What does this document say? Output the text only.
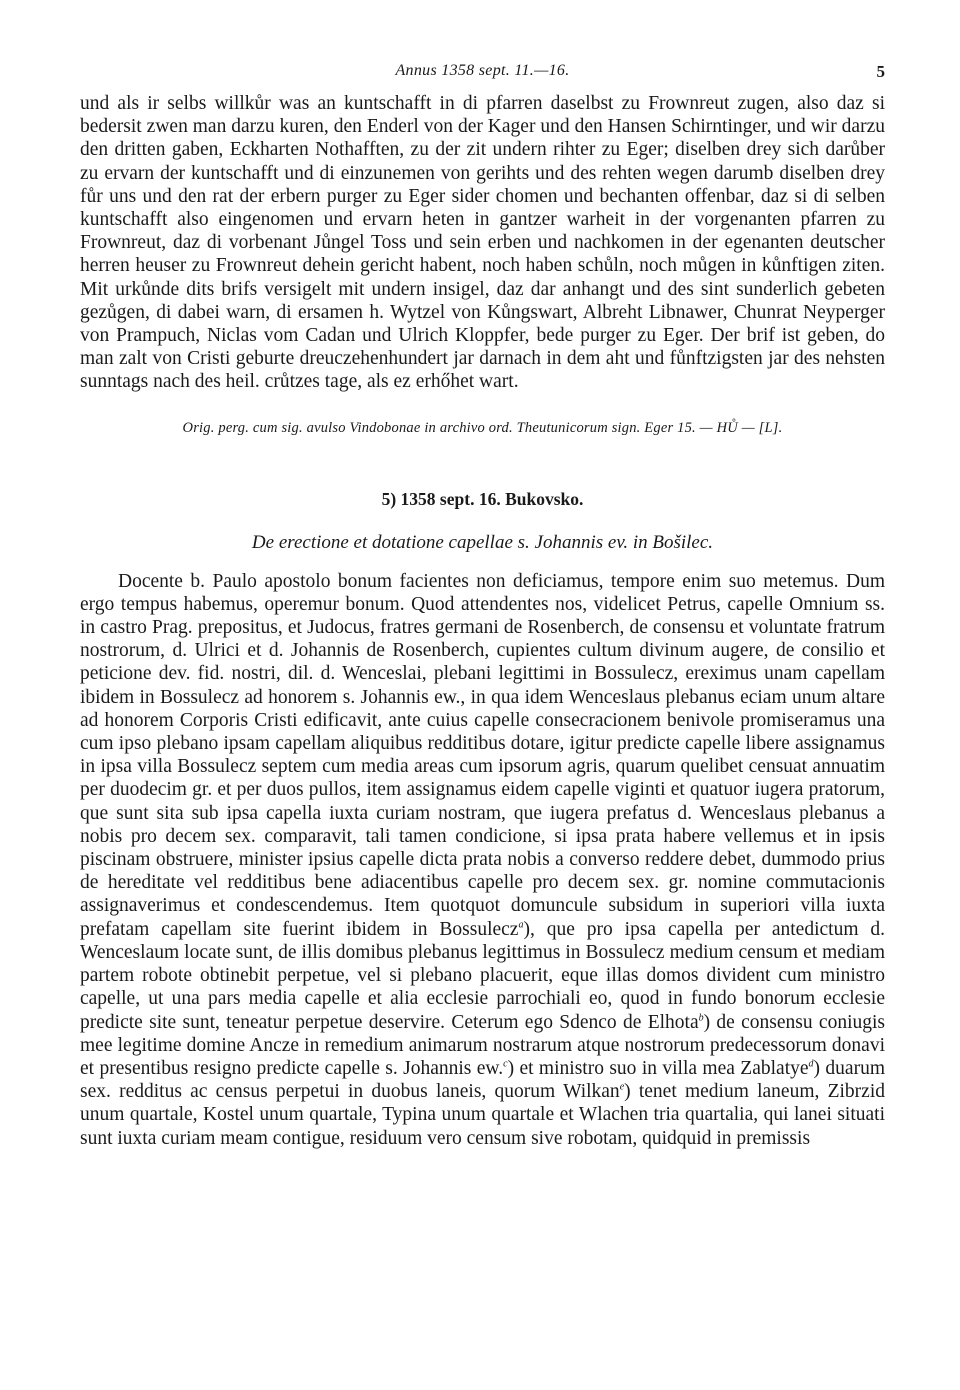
Annus 1358 sept. 11.—16.	5

und als ir selbs willkůr was an kuntschafft in di pfarren daselbst zu Frownreut zugen, also daz si bedersit zwen man darzu kuren, den Enderl von der Kager und den Hansen Schirntinger, und wir darzu den dritten gaben, Eckharten Nothafften, zu der zit undern rihter zu Eger; diselben drey sich darůber zu ervarn der kuntschafft und di einzunemen von gerihts und des rehten wegen darumb diselben drey fůr uns und den rat der erbern purger zu Eger sider chomen und bechanten offenbar, daz si di selben kuntschafft also eingenomen und ervarn heten in gantzer warheit in der vorgenanten pfarren zu Frownreut, daz di vorbenant Jůngel Toss und sein erben und nachkomen in der egenanten deutscher herren heuser zu Frownreut dehein gericht habent, noch haben schůln, noch můgen in kůnftigen ziten. Mit urkůnde dits brifs versigelt mit undern insigel, daz dar anhangt und des sint sunderlich gebeten gezůgen, di dabei warn, di ersamen h. Wytzel von Kůngswart, Albreht Libnawer, Chunrat Neyperger von Prampuch, Niclas vom Cadan und Ulrich Kloppfer, bede purger zu Eger. Der brif ist geben, do man zalt von Cristi geburte dreuczehenhundert jar darnach in dem aht und fůnftzigsten jar des nehsten sunntags nach des heil. crůtzes tage, als ez erhőhet wart.

Orig. perg. cum sig. avulso Vindobonae in archivo ord. Theutunicorum sign. Eger 15. — HŮ — [L].

5) 1358 sept. 16. Bukovsko.

De erectione et dotatione capellae s. Johannis ev. in Bošilec.

Docente b. Paulo apostolo bonum facientes non deficiamus, tempore enim suo metemus. Dum ergo tempus habemus, operemur bonum. Quod attendentes nos, videlicet Petrus, capelle Omnium ss. in castro Prag. prepositus, et Judocus, fratres germani de Rosenberch, de consensu et voluntate fratrum nostrorum, d. Ulrici et d. Johannis de Rosenberch, cupientes cultum divinum augere, de consilio et peticione dev. fid. nostri, dil. d. Wenceslai, plebani legittimi in Bossulecz, ereximus unam capellam ibidem in Bossulecz ad honorem s. Johannis ew., in qua idem Wenceslaus plebanus eciam unum altare ad honorem Corporis Cristi edificavit, ante cuius capelle consecracionem benivole promiseramus una cum ipso plebano ipsam capellam aliquibus redditibus dotare, igitur predicte capelle libere assignamus in ipsa villa Bossulecz septem cum media areas cum ipsorum agris, quarum quelibet censuat annuatim per duodecim gr. et per duos pullos, item assignamus eidem capelle viginti et quatuor iugera pratorum, que sunt sita sub ipsa capella iuxta curiam nostram, que iugera prefatus d. Wenceslaus plebanus a nobis pro decem sex. comparavit, tali tamen condicione, si ipsa prata habere vellemus et in ipsis piscinam obstruere, minister ipsius capelle dicta prata nobis a converso reddere debet, dummodo prius de hereditate vel redditibus bene adiacentibus capelle pro decem sex. gr. nomine commutacionis assignaverimus et condescendemus. Item quotquot domuncule subsidum in superiori villa iuxta prefatam capellam site fuerint ibidem in Bossulecz$^a$), que pro ipsa capella per antedictum d. Wenceslaum locate sunt, de illis domibus plebanus legittimus in Bossulecz medium censum et mediam partem robote obtinebit perpetue, vel si plebano placuerit, eque illas domos divident cum ministro capelle, ut una pars media capelle et alia ecclesie parrochiali eo, quod in fundo bonorum ecclesie predicte site sunt, teneatur perpetue deservire. Ceterum ego Sdenco de Elhota$^b$) de consensu coniugis mee legitime domine Ancze in remedium animarum nostrarum atque nostrorum predecessorum donavi et presentibus resigno predicte capelle s. Johannis ew.$^c$) et ministro suo in villa mea Zablatye$^d$) duarum sex. redditus ac census perpetui in duobus laneis, quorum Wilkan$^e$) tenet medium laneum, Zibrzid unum quartale, Kostel unum quartale, Typina unum quartale et Wlachen tria quartalia, qui lanei situati sunt iuxta curiam meam contigue, residuum vero censum sive robotam, quidquid in premissis
